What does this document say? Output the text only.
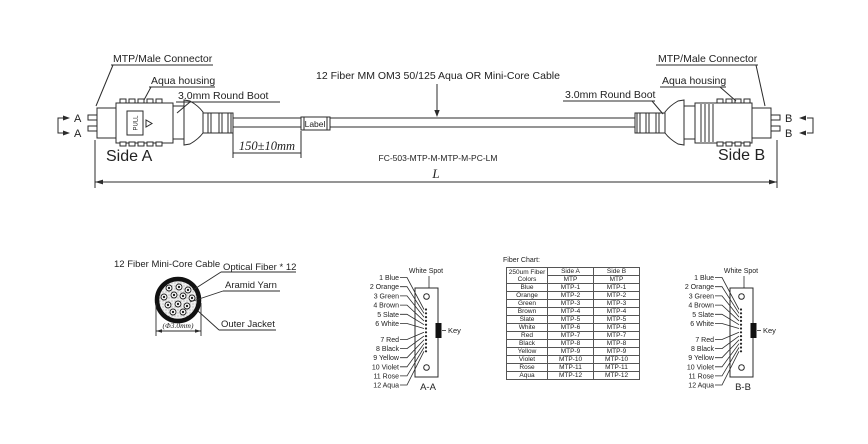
A
A
B
B
MTP/Male Connector
Aqua housing
3.0mm Round Boot
12 Fiber MM OM3 50/125 Aqua OR Mini-Core Cable
3.0mm Round Boot
Aqua housing
MTP/Male Connector
PULL	Label
150±10mm
FC-503-MTP-M-MTP-M-PC-LM
L
Side A	Side B
12 Fiber Mini-Core Cable Optical Fiber * 12
Aramid Yarn
Outer Jacket
(Φ3.0mm)
1 Blue
2 Orange
3 Green
4 Brown
5 Slate
6 White
7 Red
8 Black
9 Yellow
10 Violet
11 Rose
12 Aqua
White Spot
Key
A-A	B-B
Fiber Chart:
250um Fiber
Colors	Side A	Side B
	MTP	MTP
Blue	MTP-1	MTP-1
Orange	MTP-2	MTP-2
Green	MTP-3	MTP-3
Brown	MTP-4	MTP-4
Slate	MTP-5	MTP-5
White	MTP-6	MTP-6
Red	MTP-7	MTP-7
Black	MTP-8	MTP-8
Yellow	MTP-9	MTP-9
Violet	MTP-10	MTP-10
Rose	MTP-11	MTP-11
Aqua	MTP-12	MTP-12
